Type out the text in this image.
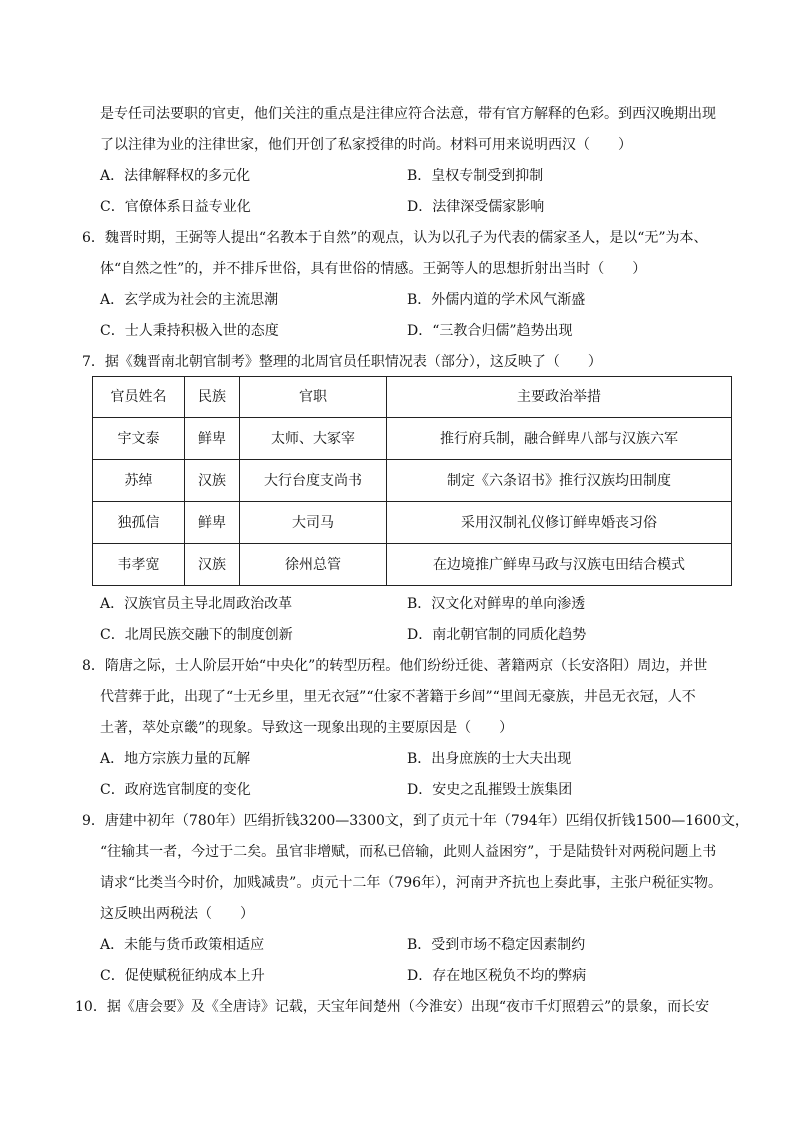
是专任司法要职的官吏，他们关注的重点是注律应符合法意，带有官方解释的色彩。到西汉晚期出现
了以注律为业的注律世家，他们开创了私家授律的时尚。材料可用来说明西汉（　　）
A．法律解释权的多元化	B．皇权专制受到抑制
C．官僚体系日益专业化	D．法律深受儒家影响
6．魏晋时期，王弼等人提出“名教本于自然”的观点，认为以孔子为代表的儒家圣人，是以“无”为本、
体“自然之性”的，并不排斥世俗，具有世俗的情感。王弼等人的思想折射出当时（　　）
A．玄学成为社会的主流思潮	B．外儒内道的学术风气渐盛
C．士人秉持积极入世的态度	D．“三教合归儒”趋势出现
7．据《魏晋南北朝官制考》整理的北周官员任职情况表（部分），这反映了（　　）
官员姓名	民族	官职	主要政治举措
宇文泰	鲜卑	太师、大冢宰	推行府兵制，融合鲜卑八部与汉族六军
苏绰	汉族	大行台度支尚书	制定《六条诏书》推行汉族均田制度
独孤信	鲜卑	大司马	采用汉制礼仪修订鲜卑婚丧习俗
韦孝宽	汉族	徐州总管	在边境推广鲜卑马政与汉族屯田结合模式
A．汉族官员主导北周政治改革	B．汉文化对鲜卑的单向渗透
C．北周民族交融下的制度创新	D．南北朝官制的同质化趋势
8．隋唐之际，士人阶层开始“中央化”的转型历程。他们纷纷迁徙、著籍两京（长安洛阳）周边，并世
代营葬于此，出现了“士无乡里，里无衣冠”“仕家不著籍于乡闾”“里闾无豪族，井邑无衣冠，人不
土著，萃处京畿”的现象。导致这一现象出现的主要原因是（　　）
A．地方宗族力量的瓦解	B．出身庶族的士大夫出现
C．政府选官制度的变化	D．安史之乱摧毁士族集团
9．唐建中初年（780年）匹绢折钱3200—3300文，到了贞元十年（794年）匹绢仅折钱1500—1600文，
“往输其一者，今过于二矣。虽官非增赋，而私已倍输，此则人益困穷”，于是陆贽针对两税问题上书
请求“比类当今时价，加贱减贵”。贞元十二年（796年），河南尹齐抗也上奏此事，主张户税征实物。
这反映出两税法（　　）
A．未能与货币政策相适应	B．受到市场不稳定因素制约
C．促使赋税征纳成本上升	D．存在地区税负不均的弊病
10．据《唐会要》及《全唐诗》记载，天宝年间楚州（今淮安）出现“夜市千灯照碧云”的景象，而长安
